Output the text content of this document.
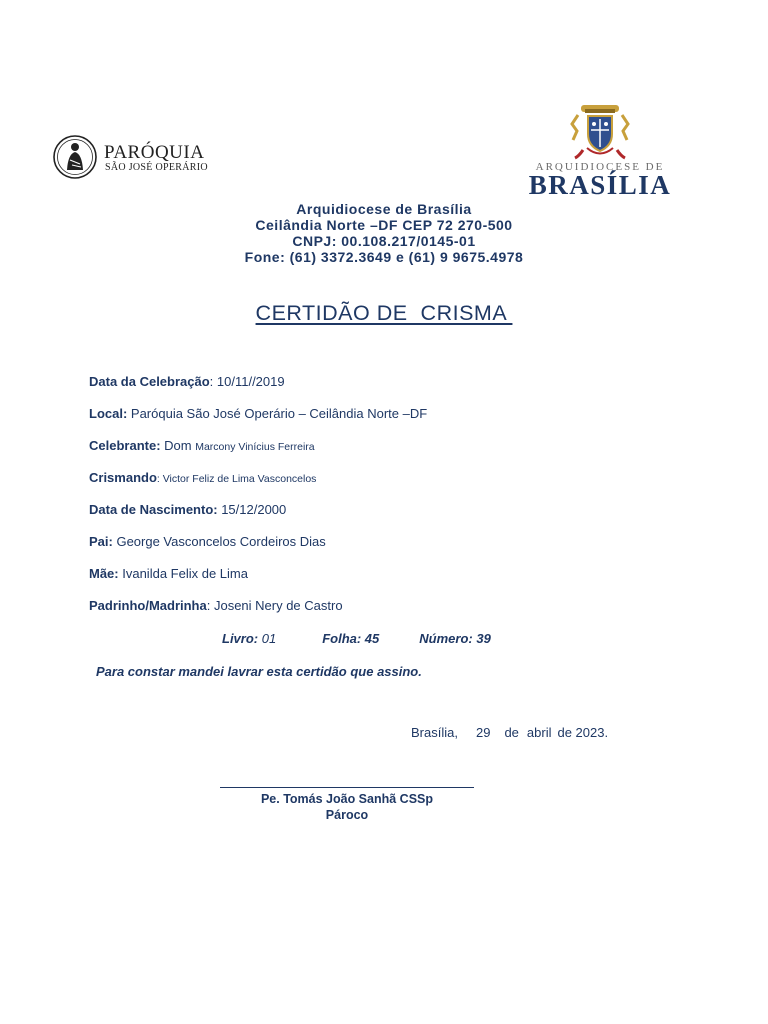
PARÓQUIA
SÃO JOSÉ OPERÁRIO	ARQUIDIOCESE DE
BRASÍLIA
Arquidiocese de Brasília
Ceilândia Norte –DF CEP 72 270-500
CNPJ: 00.108.217/0145-01
Fone: (61) 3372.3649 e (61) 9 9675.4978
CERTIDÃO DE  CRISMA
Data da Celebração: 10/11//2019
Local: Paróquia São José Operário – Ceilândia Norte –DF
Celebrante: Dom Marcony Vinícius Ferreira
Crismando: Victor Feliz de Lima Vasconcelos
Data de Nascimento: 15/12/2000
Pai: George Vasconcelos Cordeiros Dias
Mãe: Ivanilda Felix de Lima
Padrinho/Madrinha: Joseni Nery de Castro
Livro: 01	Folha: 45	Número: 39
Para constar mandei lavrar esta certidão que assino.
Brasília, 29 de abril de 2023.
Pe. Tomás João Sanhã CSSp
Pároco
